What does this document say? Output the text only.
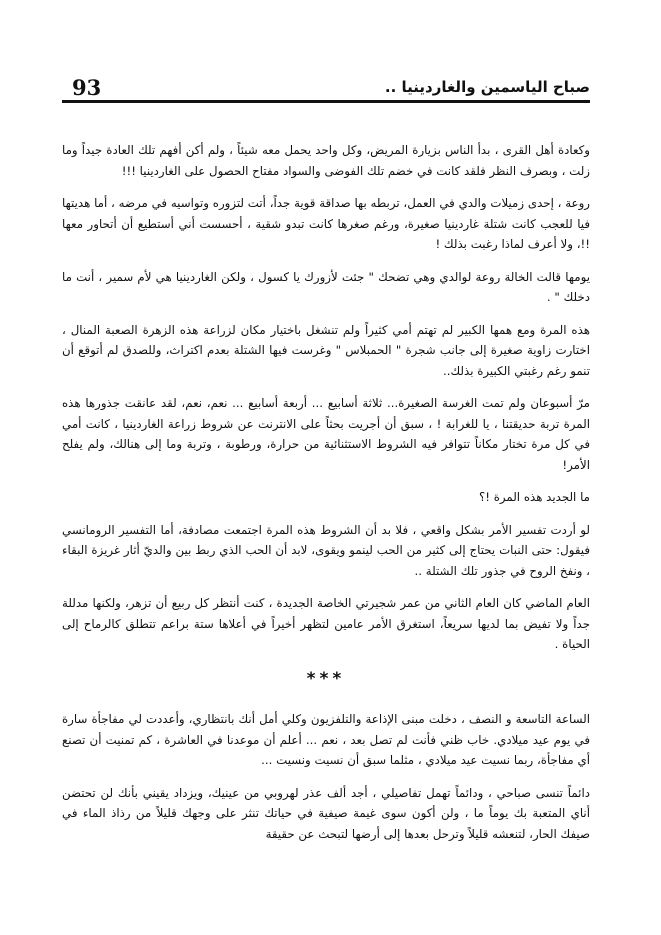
93	صباح الياسمين والغاردينيا ..

وكعادة أهل القرى ، بدأ الناس بزيارة المريض، وكل واحد يحمل معه شيئاً ، ولم أكن أفهم تلك العادة جيداً وما زلت ، وبصرف النظر فلقد كانت في خضم تلك الفوضى والسواد مفتاح الحصول على الغاردينيا !!!

روعة ، إحدى زميلات والدي في العمل، تربطه بها صداقة قوية جداً، أتت لتزوره وتواسيه في مرضه ، أما هديتها فيا للعجب كانت شتلة غاردينيا صغيرة، ورغم صغرها كانت تبدو شقية ، أحسست أني أستطيع أن أتحاور معها !!، ولا أعرف لماذا رغبت بذلك !

يومها قالت الخالة روعة لوالدي وهي تضحك " جئت لأزورك يا كسول ، ولكن الغاردينيا هي لأم سمير ، أنت ما دخلك " .

هذه المرة ومع همها الكبير لم تهتم أمي كثيراً ولم تنشغل باختيار مكان لزراعة هذه الزهرة الصعبة المنال ، اختارت زاوية صغيرة إلى جانب شجرة " الحمبلاس " وغرست فيها الشتلة بعدم اكتراث، وللصدق لم أتوقع أن تنمو رغم رغبتي الكبيرة بذلك..

مرّ أسبوعان ولم تمت الغرسة الصغيرة... ثلاثة أسابيع ... أربعة أسابيع ... نعم، نعم، لقد عانقت جذورها هذه المرة تربة حديقتنا ، يا للغرابة ! ، سبق أن أجريت بحثاً على الانترنت عن شروط زراعة الغاردينيا ، كانت أمي في كل مرة تختار مكاناً تتوافر فيه الشروط الاستثنائية من حرارة، ورطوبة ، وتربة وما إلى هنالك، ولم يفلح الأمر!

ما الجديد هذه المرة !؟

لو أردت تفسير الأمر بشكل واقعي ، فلا بد أن الشروط هذه المرة اجتمعت مصادفة، أما التفسير الرومانسي فيقول: حتى النبات يحتاج إلى كثير من الحب لينمو ويقوى، لابد أن الحب الذي ربط بين والديّ أثار غريزة البقاء ، ونفخ الروح في جذور تلك الشتلة ..

العام الماضي كان العام الثاني من عمر شجيرتي الخاصة الجديدة ، كنت أنتظر كل ربيع أن تزهر، ولكنها مدللة جداً ولا تفيض بما لديها سريعاً، استغرق الأمر عامين لتظهر أخيراً في أعلاها ستة براعم تتطلق كالرماح إلى الحياة .

***

الساعة التاسعة و النصف ، دخلت مبنى الإذاعة والتلفزيون وكلي أمل أنك بانتظاري، وأعددت لي مفاجأة سارة في يوم عيد ميلادي. خاب ظني فأنت لم تصل بعد ، نعم ... أعلم أن موعدنا في العاشرة ، كم تمنيت أن تصنع أي مفاجأة، ربما نسيت عيد ميلادي ، مثلما سبق أن نسيت ونسيت ...

دائماً تنسى صباحي ، ودائماً تهمل تفاصيلي ، أجد ألف عذر لهروبي من عينيك، ويزداد يقيني بأنك لن تحتضن أناي المتعبة بك يوماً ما ، ولن أكون سوى غيمة صيفية في حياتك تنثر على وجهك قليلاً من رذاذ الماء في صيفك الحار، لتنعشه قليلاً وترحل بعدها إلى أرضها لتبحث عن حقيقة
